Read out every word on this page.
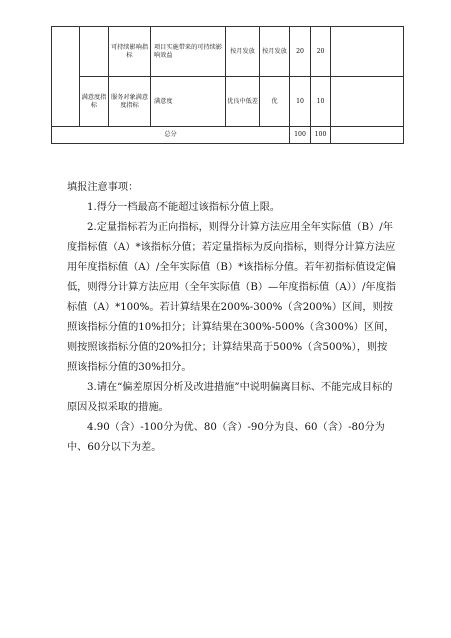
		可持续影响指标	项目实施带来的可持续影响效益	按月发放	按月发放	20	20	
	满意度指标	服务对象满意度指标	满意度	优良中低差	优	10	10	
总分						100	100	

填报注意事项：

1.得分一档最高不能超过该指标分值上限。

2.定量指标若为正向指标，则得分计算方法应用全年实际值（B）/年度指标值（A）*该指标分值；若定量指标为反向指标，则得分计算方法应用年度指标值（A）/全年实际值（B）*该指标分值。若年初指标值设定偏低，则得分计算方法应用（全年实际值（B）—年度指标值（A））/年度指标值（A）*100%。若计算结果在200%-300%（含200%）区间，则按照该指标分值的10%扣分；计算结果在300%-500%（含300%）区间，则按照该指标分值的20%扣分；计算结果高于500%（含500%），则按照该指标分值的30%扣分。

3.请在“偏差原因分析及改进措施”中说明偏离目标、不能完成目标的原因及拟采取的措施。

4.90（含）-100分为优、80（含）-90分为良、60（含）-80分为中、60分以下为差。
